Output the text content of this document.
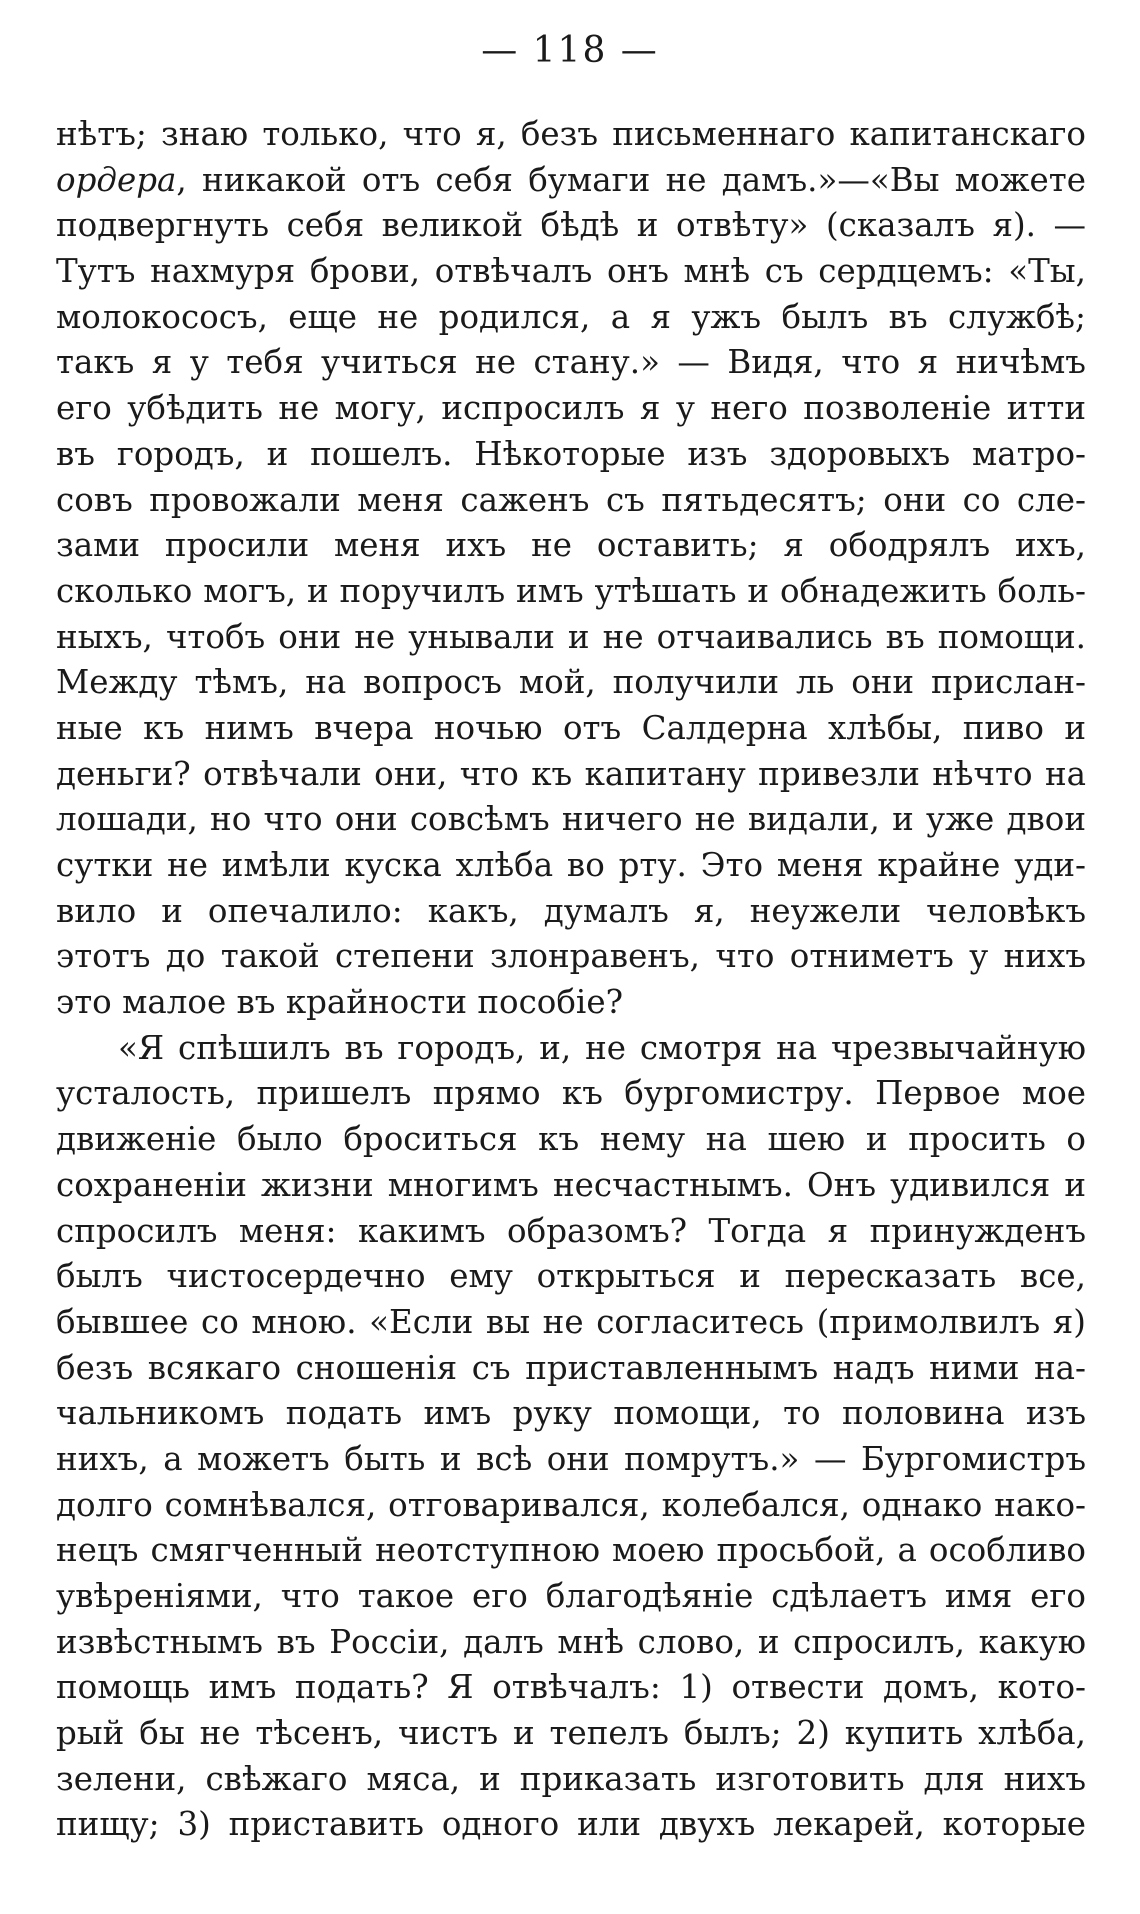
— 118 —
нѣтъ; знаю только, что я, безъ письменнаго капитанскаго
ордера, никакой отъ себя бумаги не дамъ.»—«Вы можете
подвергнуть себя великой бѣдѣ и отвѣту» (сказалъ я). —
Тутъ нахмуря брови, отвѣчалъ онъ мнѣ съ сердцемъ: «Ты,
молокососъ, еще не родился, а я ужъ былъ въ службѣ;
такъ я у тебя учиться не стану.» — Видя, что я ничѣмъ
его убѣдить не могу, испросилъ я у него позволеніе итти
въ городъ, и пошелъ. Нѣкоторые изъ здоровыхъ матро-
совъ провожали меня саженъ съ пятьдесятъ; они со сле-
зами просили меня ихъ не оставить; я ободрялъ ихъ,
сколько могъ, и поручилъ имъ утѣшать и обнадежить боль-
ныхъ, чтобъ они не унывали и не отчаивались въ помощи.
Между тѣмъ, на вопросъ мой, получили ль они прислан-
ные къ нимъ вчера ночью отъ Салдерна хлѣбы, пиво и
деньги? отвѣчали они, что къ капитану привезли нѣчто на
лошади, но что они совсѣмъ ничего не видали, и уже двои
сутки не имѣли куска хлѣба во рту. Это меня крайне уди-
вило и опечалило: какъ, думалъ я, неужели человѣкъ
этотъ до такой степени злонравенъ, что отниметъ у нихъ
это малое въ крайности пособіе?
«Я спѣшилъ въ городъ, и, не смотря на чрезвычайную
усталость, пришелъ прямо къ бургомистру. Первое мое
движеніе было броситься къ нему на шею и просить о
сохраненіи жизни многимъ несчастнымъ. Онъ удивился и
спросилъ меня: какимъ образомъ? Тогда я принужденъ
былъ чистосердечно ему открыться и пересказать все,
бывшее со мною. «Если вы не согласитесь (примолвилъ я)
безъ всякаго сношенія съ приставленнымъ надъ ними на-
чальникомъ подать имъ руку помощи, то половина изъ
нихъ, а можетъ быть и всѣ они помрутъ.» — Бургомистръ
долго сомнѣвался, отговаривался, колебался, однако нако-
нецъ смягченный неотступною моею просьбой, а особливо
увѣреніями, что такое его благодѣяніе сдѣлаетъ имя его
извѣстнымъ въ Россіи, далъ мнѣ слово, и спросилъ, какую
помощь имъ подать? Я отвѣчалъ: 1) отвести домъ, кото-
рый бы не тѣсенъ, чистъ и тепелъ былъ; 2) купить хлѣба,
зелени, свѣжаго мяса, и приказать изготовить для нихъ
пищу; 3) приставить одного или двухъ лекарей, которые
